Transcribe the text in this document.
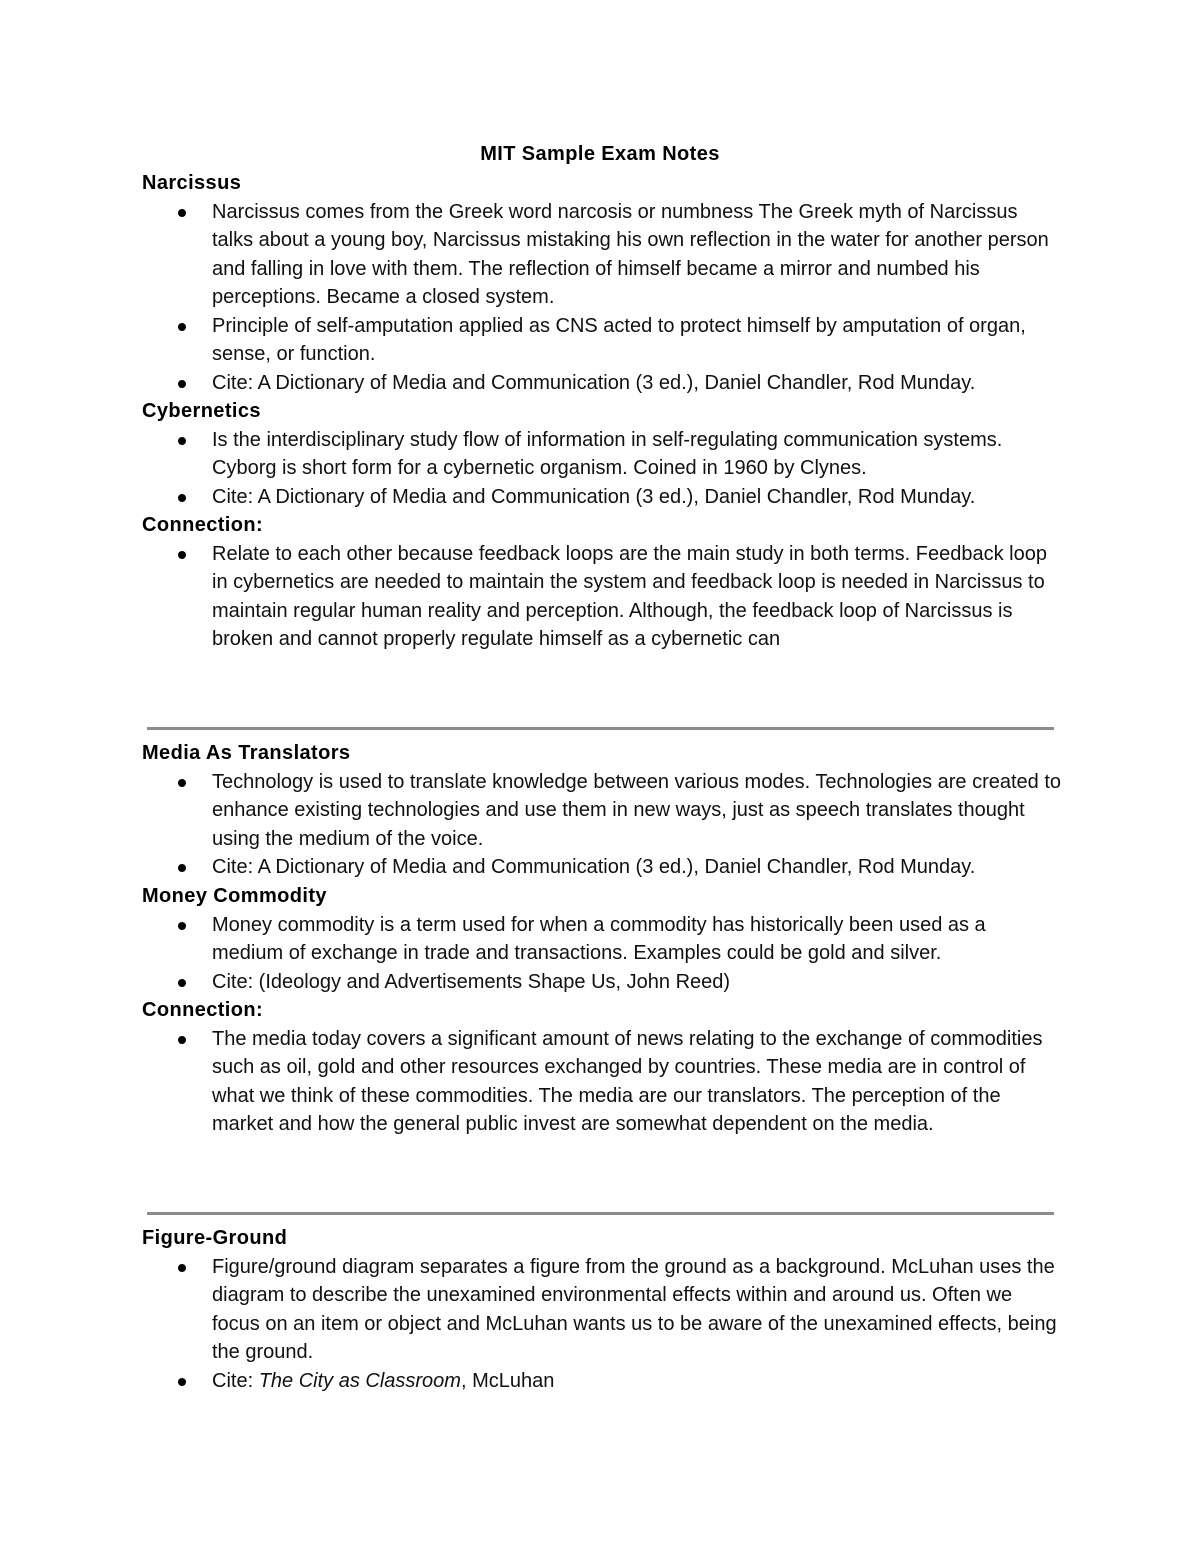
MIT Sample Exam Notes
Narcissus
Narcissus comes from the Greek word narcosis or numbness The Greek myth of Narcissus talks about a young boy, Narcissus mistaking his own reflection in the water for another person and falling in love with them. The reflection of himself became a mirror and numbed his perceptions. Became a closed system.
Principle of self-amputation applied as CNS acted to protect himself by amputation of organ, sense, or function.
Cite: A Dictionary of Media and Communication (3 ed.), Daniel Chandler, Rod Munday.
Cybernetics
Is the interdisciplinary study flow of information in self-regulating communication systems. Cyborg is short form for a cybernetic organism. Coined in 1960 by Clynes.
Cite: A Dictionary of Media and Communication (3 ed.), Daniel Chandler, Rod Munday.
Connection:
Relate to each other because feedback loops are the main study in both terms. Feedback loop in cybernetics are needed to maintain the system and feedback loop is needed in Narcissus to maintain regular human reality and perception. Although, the feedback loop of Narcissus is broken and cannot properly regulate himself as a cybernetic can
Media As Translators
Technology is used to translate knowledge between various modes. Technologies are created to enhance existing technologies and use them in new ways, just as speech translates thought using the medium of the voice.
Cite: A Dictionary of Media and Communication (3 ed.), Daniel Chandler, Rod Munday.
Money Commodity
Money commodity is a term used for when a commodity has historically been used as a medium of exchange in trade and transactions. Examples could be gold and silver.
Cite: (Ideology and Advertisements Shape Us, John Reed)
Connection:
The media today covers a significant amount of news relating to the exchange of commodities such as oil, gold and other resources exchanged by countries. These media are in control of what we think of these commodities. The media are our translators. The perception of the market and how the general public invest are somewhat dependent on the media.
Figure-Ground
Figure/ground diagram separates a figure from the ground as a background. McLuhan uses the diagram to describe the unexamined environmental effects within and around us. Often we focus on an item or object and McLuhan wants us to be aware of the unexamined effects, being the ground.
Cite: The City as Classroom, McLuhan
